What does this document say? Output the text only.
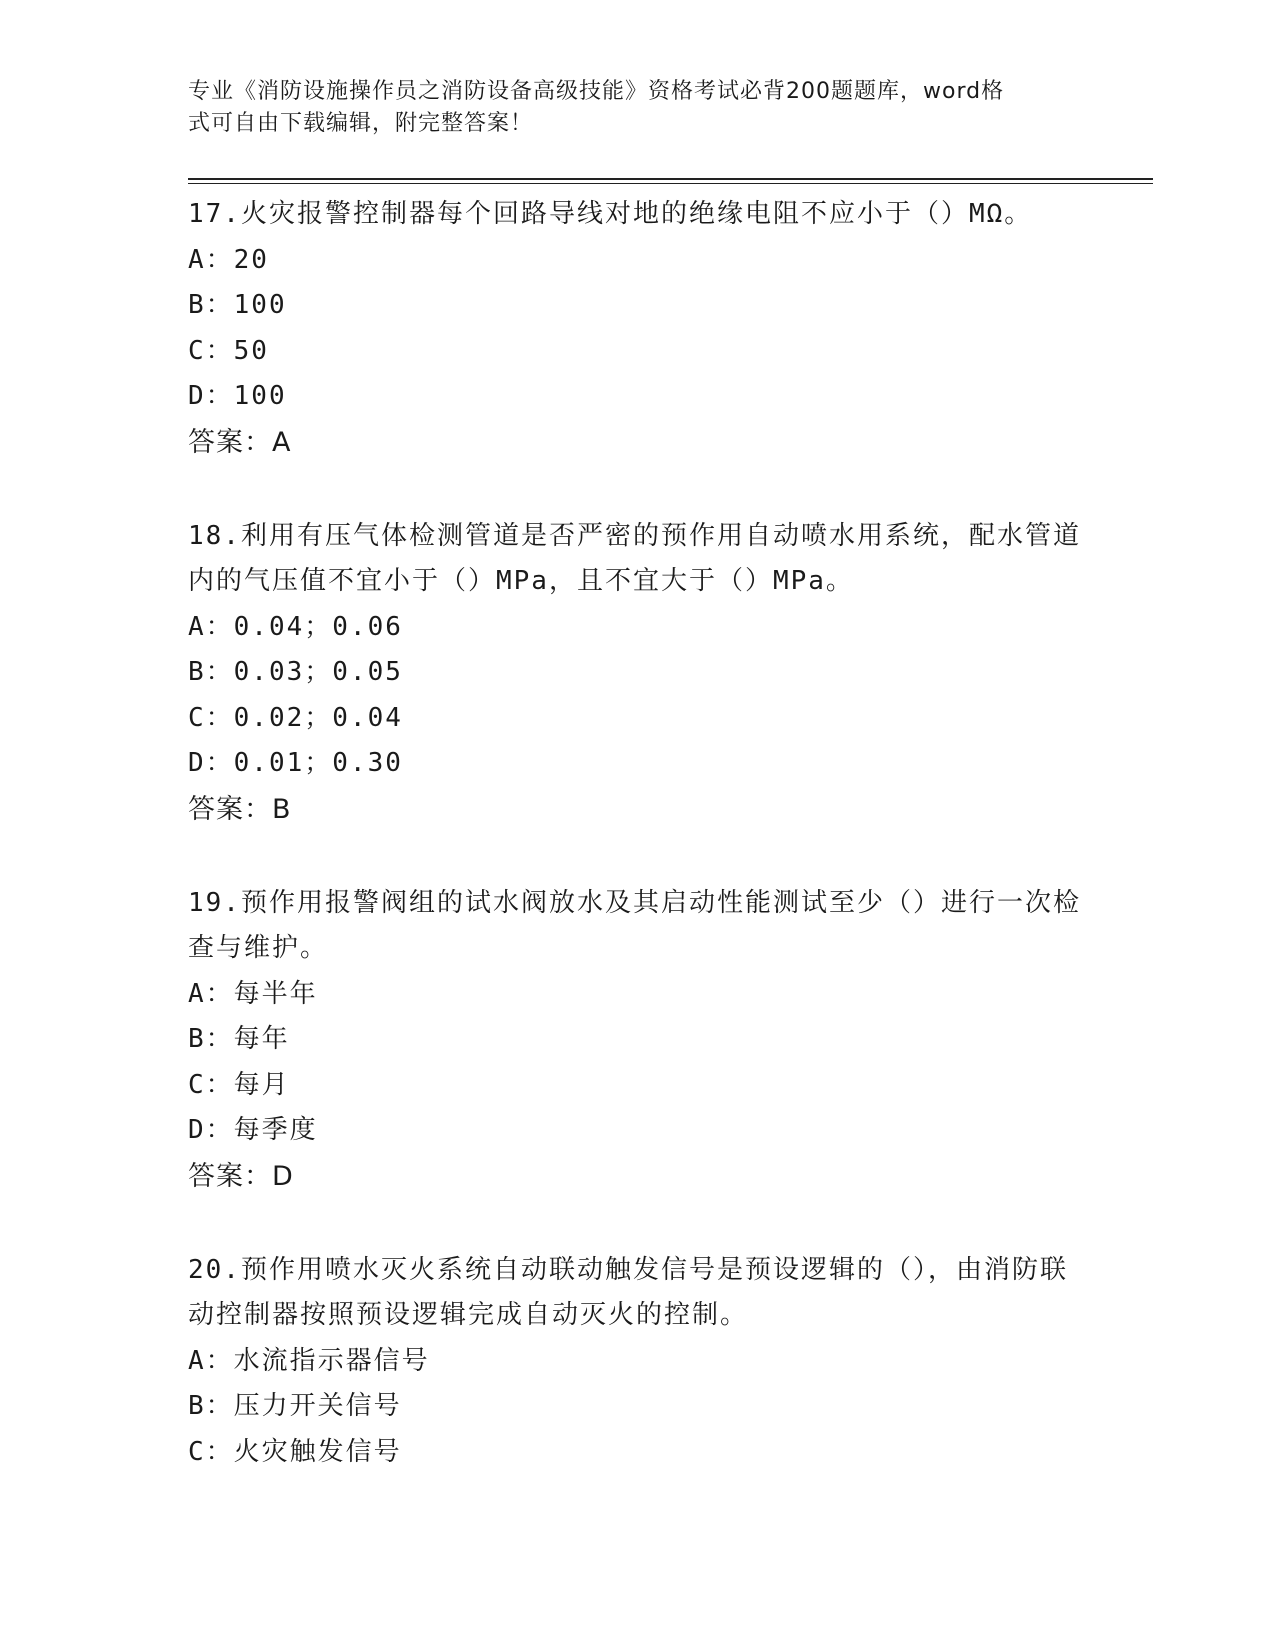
专业《消防设施操作员之消防设备高级技能》资格考试必背200题题库，word格
式可自由下载编辑，附完整答案！

17.火灾报警控制器每个回路导线对地的绝缘电阻不应小于（）MΩ。

A：20

B：100

C：50

D：100

答案：A

18.利用有压气体检测管道是否严密的预作用自动喷水用系统，配水管道内的气压值不宜小于（）MPa，且不宜大于（）MPa。

A：0.04；0.06

B：0.03；0.05

C：0.02；0.04

D：0.01；0.30

答案：B

19.预作用报警阀组的试水阀放水及其启动性能测试至少（）进行一次检查与维护。

A：每半年

B：每年

C：每月

D：每季度

答案：D

20.预作用喷水灭火系统自动联动触发信号是预设逻辑的（），由消防联动控制器按照预设逻辑完成自动灭火的控制。

A：水流指示器信号

B：压力开关信号

C：火灾触发信号
